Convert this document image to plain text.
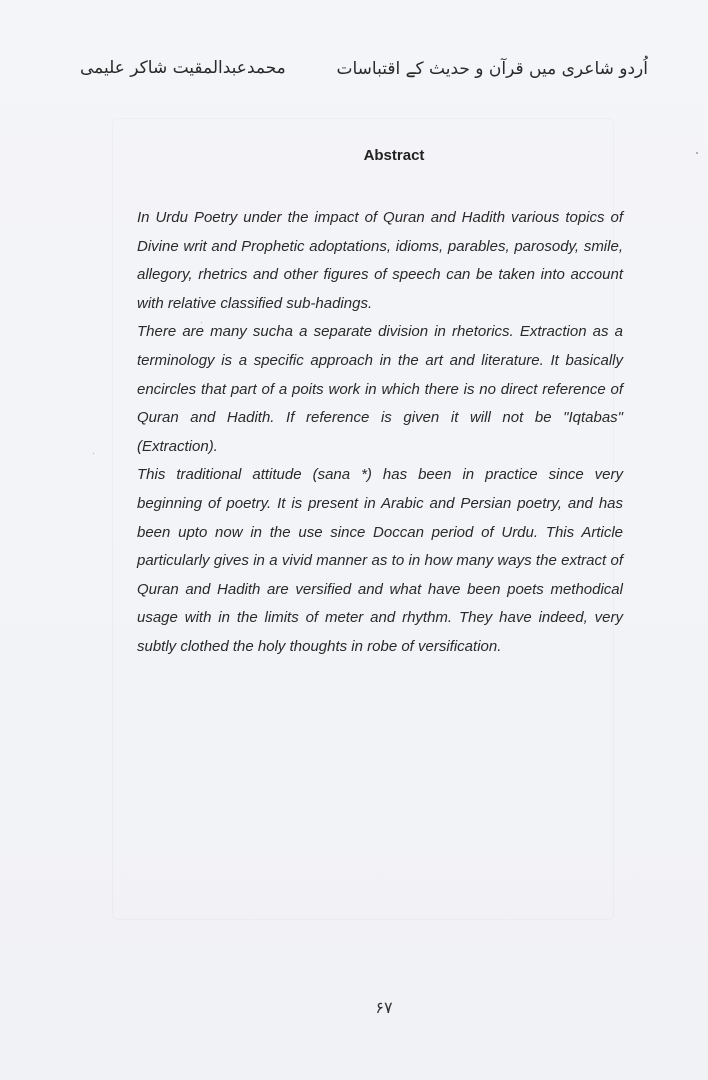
محمدعبدالمقیت شاکر علیمی	اُردو شاعری میں قرآن و حدیث کے اقتباسات
Abstract

In Urdu Poetry under the impact of Quran and Hadith various topics of Divine writ and Prophetic adoptations, idioms, parables, parosody, smile, allegory, rhetrics and other figures of speech can be taken into account with relative classified sub-hadings.

There are many sucha a separate division in rhetorics. Extraction as a terminology is a specific approach in the art and literature. It basically encircles that part of a poits work in which there is no direct reference of Quran and Hadith. If reference is given it will not be "Iqtabas" (Extraction).

This traditional attitude (sana *) has been in practice since very beginning of poetry. It is present in Arabic and Persian poetry, and has been upto now in the use since Doccan period of Urdu. This Article particularly gives in a vivid manner as to in how many ways the extract of Quran and Hadith are versified and what have been poets methodical usage with in the limits of meter and rhythm. They have indeed, very subtly clothed the holy thoughts in robe of versification.

۶۷
